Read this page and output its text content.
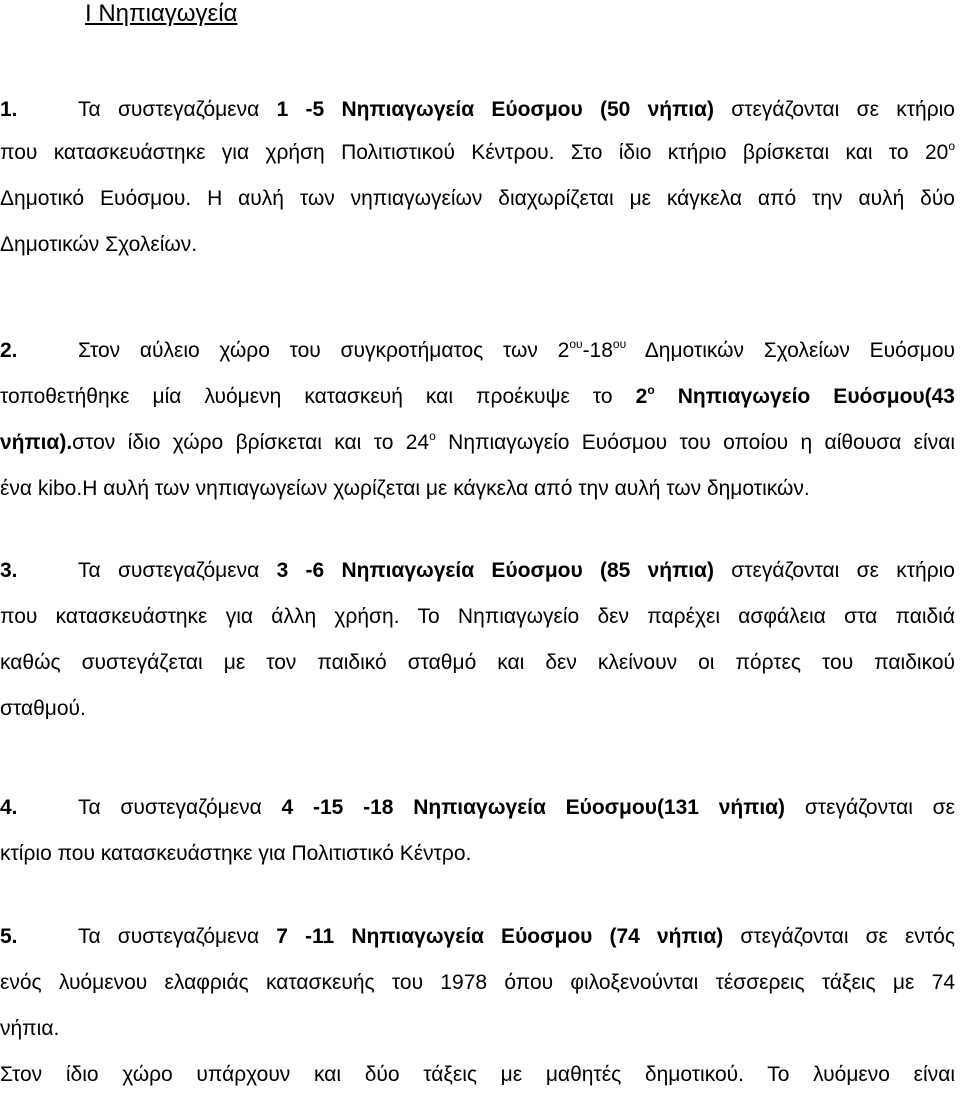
Ι Νηπιαγωγεία
1.	Τα συστεγαζόμενα 1 -5 Νηπιαγωγεία Εύοσμου (50 νήπια) στεγάζονται σε κτήριο
που κατασκευάστηκε για χρήση Πολιτιστικού Κέντρου. Στο ίδιο κτήριο βρίσκεται και το $20^o$
Δημοτικό Ευόσμου. Η αυλή των νηπιαγωγείων διαχωρίζεται με κάγκελα από την αυλή δύο
Δημοτικών Σχολείων.
2.	Στον αύλειο χώρο του συγκροτήματος των $2^{o\upsilon}-18^{o\upsilon}$ Δημοτικών Σχολείων Ευόσμου
τοποθετήθηκε μία λυόμενη κατασκευή και προέκυψε το $2^o$ Νηπιαγωγείο Ευόσμου(43
νήπια).στον ίδιο χώρο βρίσκεται και το $24^o$ Νηπιαγωγείο Ευόσμου του οποίου η αίθουσα είναι
ένα kibo.Η αυλή των νηπιαγωγείων χωρίζεται με κάγκελα από την αυλή των δημοτικών.
3.	Τα συστεγαζόμενα 3 -6 Νηπιαγωγεία Εύοσμου (85 νήπια) στεγάζονται σε κτήριο
που κατασκευάστηκε για άλλη χρήση. Το Νηπιαγωγείο δεν παρέχει ασφάλεια στα παιδιά
καθώς συστεγάζεται με τον παιδικό σταθμό και δεν κλείνουν οι πόρτες του παιδικού
σταθμού.
4.	Τα συστεγαζόμενα 4 -15 -18 Νηπιαγωγεία Εύοσμου(131 νήπια) στεγάζονται σε
κτίριο που κατασκευάστηκε για Πολιτιστικό Κέντρο.
5.	Τα συστεγαζόμενα 7 -11 Νηπιαγωγεία Εύοσμου (74 νήπια) στεγάζονται σε εντός
ενός λυόμενου ελαφριάς κατασκευής του 1978 όπου φιλοξενούνται τέσσερεις τάξεις με 74
νήπια.
Στον ίδιο χώρο υπάρχουν και δύο τάξεις με μαθητές δημοτικού. Το λυόμενο είναι
